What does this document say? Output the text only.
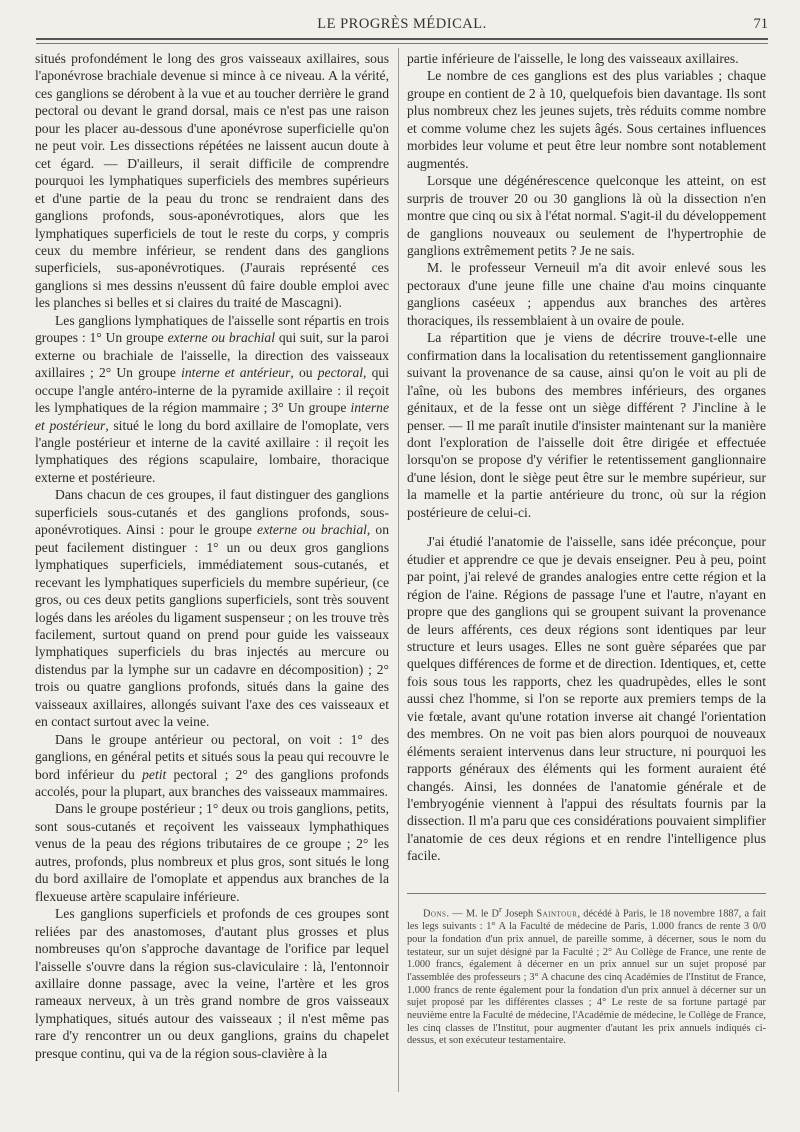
LE PROGRÈS MÉDICAL.	71

situés profondément le long des gros vaisseaux axillaires, sous l'aponévrose brachiale devenue si mince à ce niveau. A la vérité, ces ganglions se dérobent à la vue et au toucher derrière le grand pectoral ou devant le grand dorsal, mais ce n'est pas une raison pour les placer au-dessous d'une aponévrose superficielle qu'on ne peut voir. Les dissections répétées ne laissent aucun doute à cet égard. — D'ailleurs, il serait difficile de comprendre pourquoi les lymphatiques superficiels des membres supérieurs et d'une partie de la peau du tronc se rendraient dans des ganglions profonds, sous-aponévrotiques, alors que les lymphatiques superficiels de tout le reste du corps, y compris ceux du membre inférieur, se rendent dans des ganglions superficiels, sus-aponévrotiques. (J'aurais représenté ces ganglions si mes dessins n'eussent dû faire double emploi avec les planches si belles et si claires du traité de Mascagni).

Les ganglions lymphatiques de l'aisselle sont répartis en trois groupes : 1° Un groupe externe ou brachial qui suit, sur la paroi externe ou brachiale de l'aisselle, la direction des vaisseaux axillaires ; 2° Un groupe interne et antérieur, ou pectoral, qui occupe l'angle antéro-interne de la pyramide axillaire : il reçoit les lymphatiques de la région mammaire ; 3° Un groupe interne et postérieur, situé le long du bord axillaire de l'omoplate, vers l'angle postérieur et interne de la cavité axillaire : il reçoit les lymphatiques des régions scapulaire, lombaire, thoracique externe et postérieure.

Dans chacun de ces groupes, il faut distinguer des ganglions superficiels sous-cutanés et des ganglions profonds, sous-aponévrotiques. Ainsi : pour le groupe externe ou brachial, on peut facilement distinguer : 1° un ou deux gros ganglions lymphatiques superficiels, immédiatement sous-cutanés, et recevant les lymphatiques superficiels du membre supérieur, (ce gros, ou ces deux petits ganglions superficiels, sont très souvent logés dans les aréoles du ligament suspenseur ; on les trouve très facilement, surtout quand on prend pour guide les vaisseaux lymphatiques superficiels du bras injectés au mercure ou distendus par la lymphe sur un cadavre en décomposition) ; 2° trois ou quatre ganglions profonds, situés dans la gaine des vaisseaux axillaires, allongés suivant l'axe des ces vaisseaux et en contact surtout avec la veine.

Dans le groupe antérieur ou pectoral, on voit : 1° des ganglions, en général petits et situés sous la peau qui recouvre le bord inférieur du petit pectoral ; 2° des ganglions profonds accolés, pour la plupart, aux branches des vaisseaux mammaires.

Dans le groupe postérieur ; 1° deux ou trois ganglions, petits, sont sous-cutanés et reçoivent les vaisseaux lymphathiques venus de la peau des régions tributaires de ce groupe ; 2° les autres, profonds, plus nombreux et plus gros, sont situés le long du bord axillaire de l'omoplate et appendus aux branches de la flexueuse artère scapulaire inférieure.

Les ganglions superficiels et profonds de ces groupes sont reliées par des anastomoses, d'autant plus grosses et plus nombreuses qu'on s'approche davantage de l'orifice par lequel l'aisselle s'ouvre dans la région sus-claviculaire : là, l'entonnoir axillaire donne passage, avec la veine, l'artère et les gros rameaux nerveux, à un très grand nombre de gros vaisseaux lymphatiques, situés autour des vaisseaux ; il n'est même pas rare d'y rencontrer un ou deux ganglions, grains du chapelet presque continu, qui va de la région sous-clavière à la

partie inférieure de l'aisselle, le long des vaisseaux axillaires.

Le nombre de ces ganglions est des plus variables ; chaque groupe en contient de 2 à 10, quelquefois bien davantage. Ils sont plus nombreux chez les jeunes sujets, très réduits comme nombre et comme volume chez les sujets âgés. Sous certaines influences morbides leur volume et peut être leur nombre sont notablement augmentés.

Lorsque une dégénérescence quelconque les atteint, on est surpris de trouver 20 ou 30 ganglions là où la dissection n'en montre que cinq ou six à l'état normal. S'agit-il du développement de ganglions nouveaux ou seulement de l'hypertrophie de ganglions extrêmement petits ? Je ne sais.

M. le professeur Verneuil m'a dit avoir enlevé sous les pectoraux d'une jeune fille une chaine d'au moins cinquante ganglions caséeux ; appendus aux branches des artères thoraciques, ils ressemblaient à un ovaire de poule.

La répartition que je viens de décrire trouve-t-elle une confirmation dans la localisation du retentissement ganglionnaire suivant la provenance de sa cause, ainsi qu'on le voit au pli de l'aîne, où les bubons des membres inférieurs, des organes génitaux, et de la fesse ont un siège différent ? J'incline à le penser. — Il me paraît inutile d'insister maintenant sur la manière dont l'exploration de l'aisselle doit être dirigée et effectuée lorsqu'on se propose d'y vérifier le retentissement ganglionnaire d'une lésion, dont le siège peut être sur le membre supérieur, sur la mamelle et la partie antérieure du tronc, où sur la région postérieure de celui-ci.

J'ai étudié l'anatomie de l'aisselle, sans idée préconçue, pour étudier et apprendre ce que je devais enseigner. Peu à peu, point par point, j'ai relevé de grandes analogies entre cette région et la région de l'aine. Régions de passage l'une et l'autre, n'ayant en propre que des ganglions qui se groupent suivant la provenance de leurs afférents, ces deux régions sont identiques par leur structure et leurs usages. Elles ne sont guère séparées que par quelques différences de forme et de direction. Identiques, et, cette fois sous tous les rapports, chez les quadrupèdes, elles le sont aussi chez l'homme, si l'on se reporte aux premiers temps de la vie fœtale, avant qu'une rotation inverse ait changé l'orientation des membres. On ne voit pas bien alors pourquoi de nouveaux éléments seraient intervenus dans leur structure, ni pourquoi les rapports généraux des éléments qui les forment auraient été changés. Ainsi, les données de l'anatomie générale et de l'embryogénie viennent à l'appui des résultats fournis par la dissection. Il m'a paru que ces considérations pouvaient simplifier l'anatomie de ces deux régions et en rendre l'intelligence plus facile.

Dons. — M. le $D^r$ Joseph Saintour, décédé à Paris, le 18 novembre 1887, a fait les legs suivants : 1° A la Faculté de médecine de Paris, 1.000 francs de rente 3 0/0 pour la fondation d'un prix annuel, de pareille somme, à décerner, sous le nom du testateur, sur un sujet désigné par la Faculté ; 2° Au Collège de France, une rente de 1.000 francs, également à décerner en un prix annuel sur un sujet proposé par l'assemblée des professeurs ; 3° A chacune des cinq Académies de l'Institut de France, 1.000 francs de rente également pour la fondation d'un prix annuel à décerner sur un sujet proposé par les différentes classes ; 4° Le reste de sa fortune partagé par neuvième entre la Faculté de médecine, l'Académie de médecine, le Collège de France, les cinq classes de l'Institut, pour augmenter d'autant les prix annuels indiqués ci-dessus, et son exécuteur testamentaire.
